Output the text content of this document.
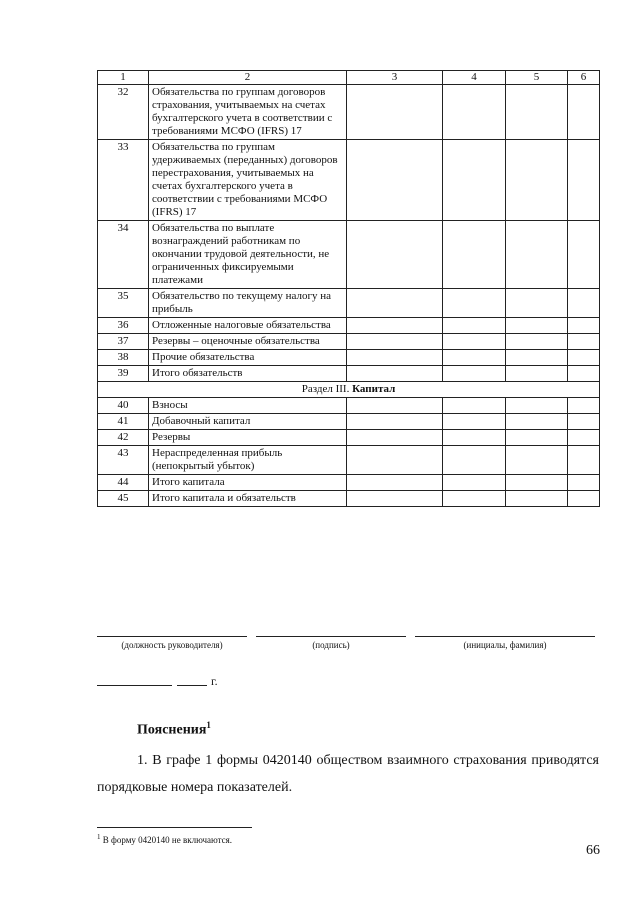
1	2	3	4	5	6
32	Обязательства по группам договоров страхования, учитываемых на счетах бухгалтерского учета в соответствии с требованиями МСФО (IFRS) 17				
33	Обязательства по группам удерживаемых (переданных) договоров перестрахования, учитываемых на счетах бухгалтерского учета в соответствии с требованиями МСФО (IFRS) 17				
34	Обязательства по выплате вознаграждений работникам по окончании трудовой деятельности, не ограниченных фиксируемыми платежами				
35	Обязательство по текущему налогу на прибыль				
36	Отложенные налоговые обязательства				
37	Резервы – оценочные обязательства				
38	Прочие обязательства				
39	Итого обязательств				
Раздел III. Капитал					
40	Взносы				
41	Добавочный капитал				
42	Резервы				
43	Нераспределенная прибыль (непокрытый убыток)				
44	Итого капитала				
45	Итого капитала и обязательств				
(должность руководителя)	(подпись)	(инициалы, фамилия)
г.
Пояснения$^1$
1. В графе 1 формы 0420140 обществом взаимного страхования приводятся порядковые номера показателей.
$^1$ В форму 0420140 не включаются.
66
